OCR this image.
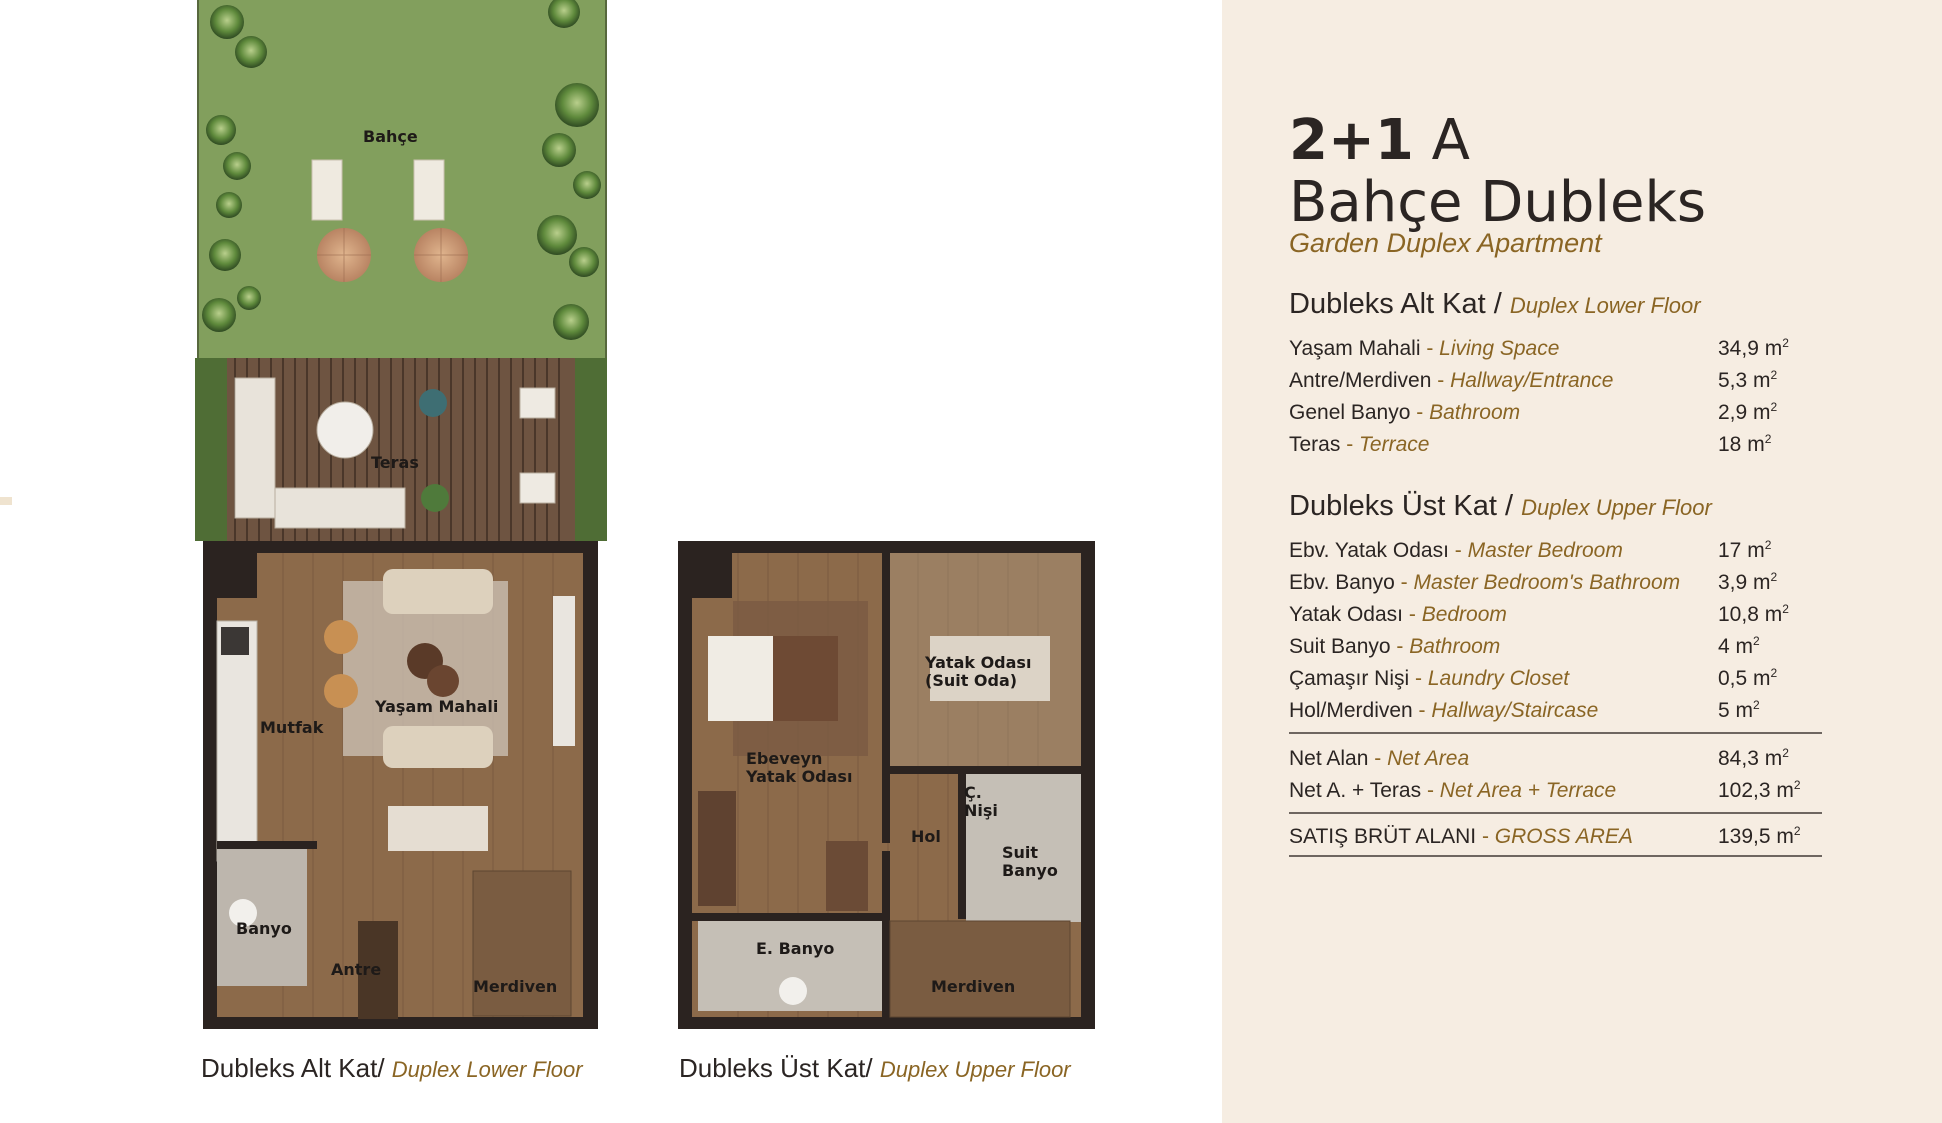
Bahçe
Teras
Mutfak
Yaşam Mahali
Banyo
Antre
Merdiven
Ebeveyn
Yatak Odası
Yatak Odası
(Suit Oda)
Ç.
Nişi
Hol
Suit
Banyo
E. Banyo
Merdiven
Dubleks Alt Kat/ Duplex Lower Floor	Dubleks Üst Kat/ Duplex Upper Floor
2+1 A
Bahçe Dubleks
Garden Duplex Apartment
Dubleks Alt Kat / Duplex Lower Floor
Yaşam Mahali - Living Space	34,9 $m^2$
Antre/Merdiven - Hallway/Entrance	5,3 $m^2$
Genel Banyo - Bathroom	2,9 $m^2$
Teras - Terrace	18 $m^2$
Dubleks Üst Kat / Duplex Upper Floor
Ebv. Yatak Odası - Master Bedroom	17 $m^2$
Ebv. Banyo - Master Bedroom's Bathroom 3,9 $m^2$
Yatak Odası - Bedroom	10,8 $m^2$
Suit Banyo - Bathroom	4 $m^2$
Çamaşır Nişi - Laundry Closet	0,5 $m^2$
Hol/Merdiven - Hallway/Staircase	5 $m^2$
Net Alan - Net Area	84,3 $m^2$
Net A. + Teras - Net Area + Terrace	102,3 $m^2$
SATIŞ BRÜT ALANI - GROSS AREA	139,5 $m^2$
